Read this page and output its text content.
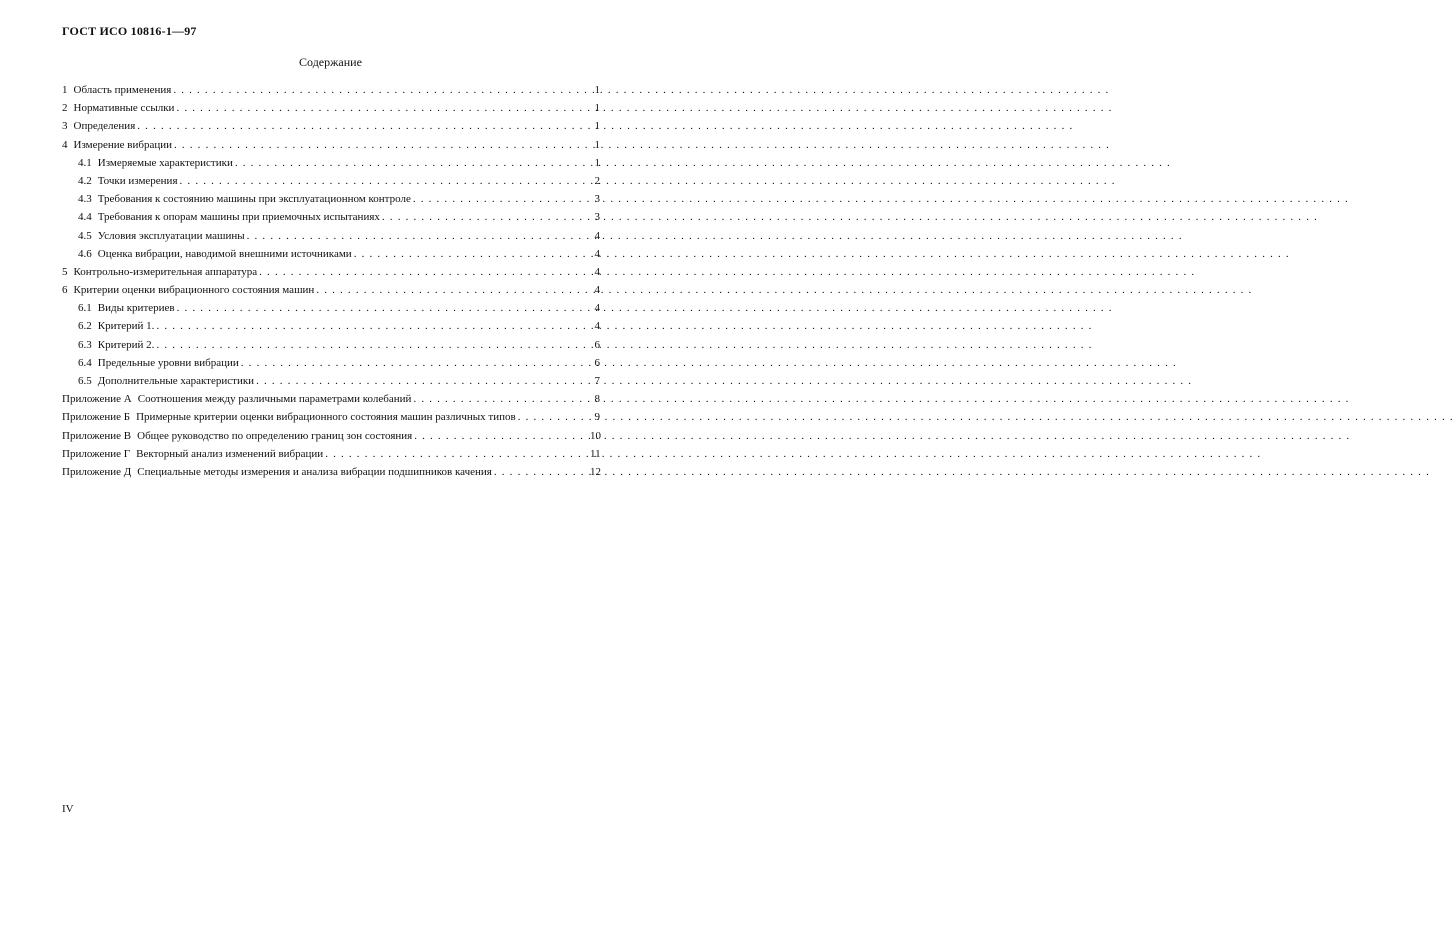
ГОСТ ИСО 10816-1—97
Содержание
1 Область применения . . .	1
2 Нормативные ссылки . . .	1
3 Определения . . .	1
4 Измерение вибрации . . .	1
4.1 Измеряемые характеристики . . .	1
4.2 Точки измерения . . .	2
4.3 Требования к состоянию машины при эксплуатационном контроле . . .	3
4.4 Требования к опорам машины при приемочных испытаниях . . .	3
4.5 Условия эксплуатации машины . . .	4
4.6 Оценка вибрации, наводимой внешними источниками . . .	4
5 Контрольно-измерительная аппаратура . . .	4
6 Критерии оценки вибрационного состояния машин . . .	4
6.1 Виды критериев . . .	4
6.2 Критерий 1. . . .	4
6.3 Критерий 2. . . .	6
6.4 Предельные уровни вибрации . . .	6
6.5 Дополнительные характеристики . . .	7
Приложение А Соотношения между различными параметрами колебаний . . .	8
Приложение Б Примерные критерии оценки вибрационного состояния машин различных типов . . .	9
Приложение В Общее руководство по определению границ зон состояния . . .	10
Приложение Г Векторный анализ изменений вибрации . . .	11
Приложение Д Специальные методы измерения и анализа вибрации подшипников качения . . .	12
IV
